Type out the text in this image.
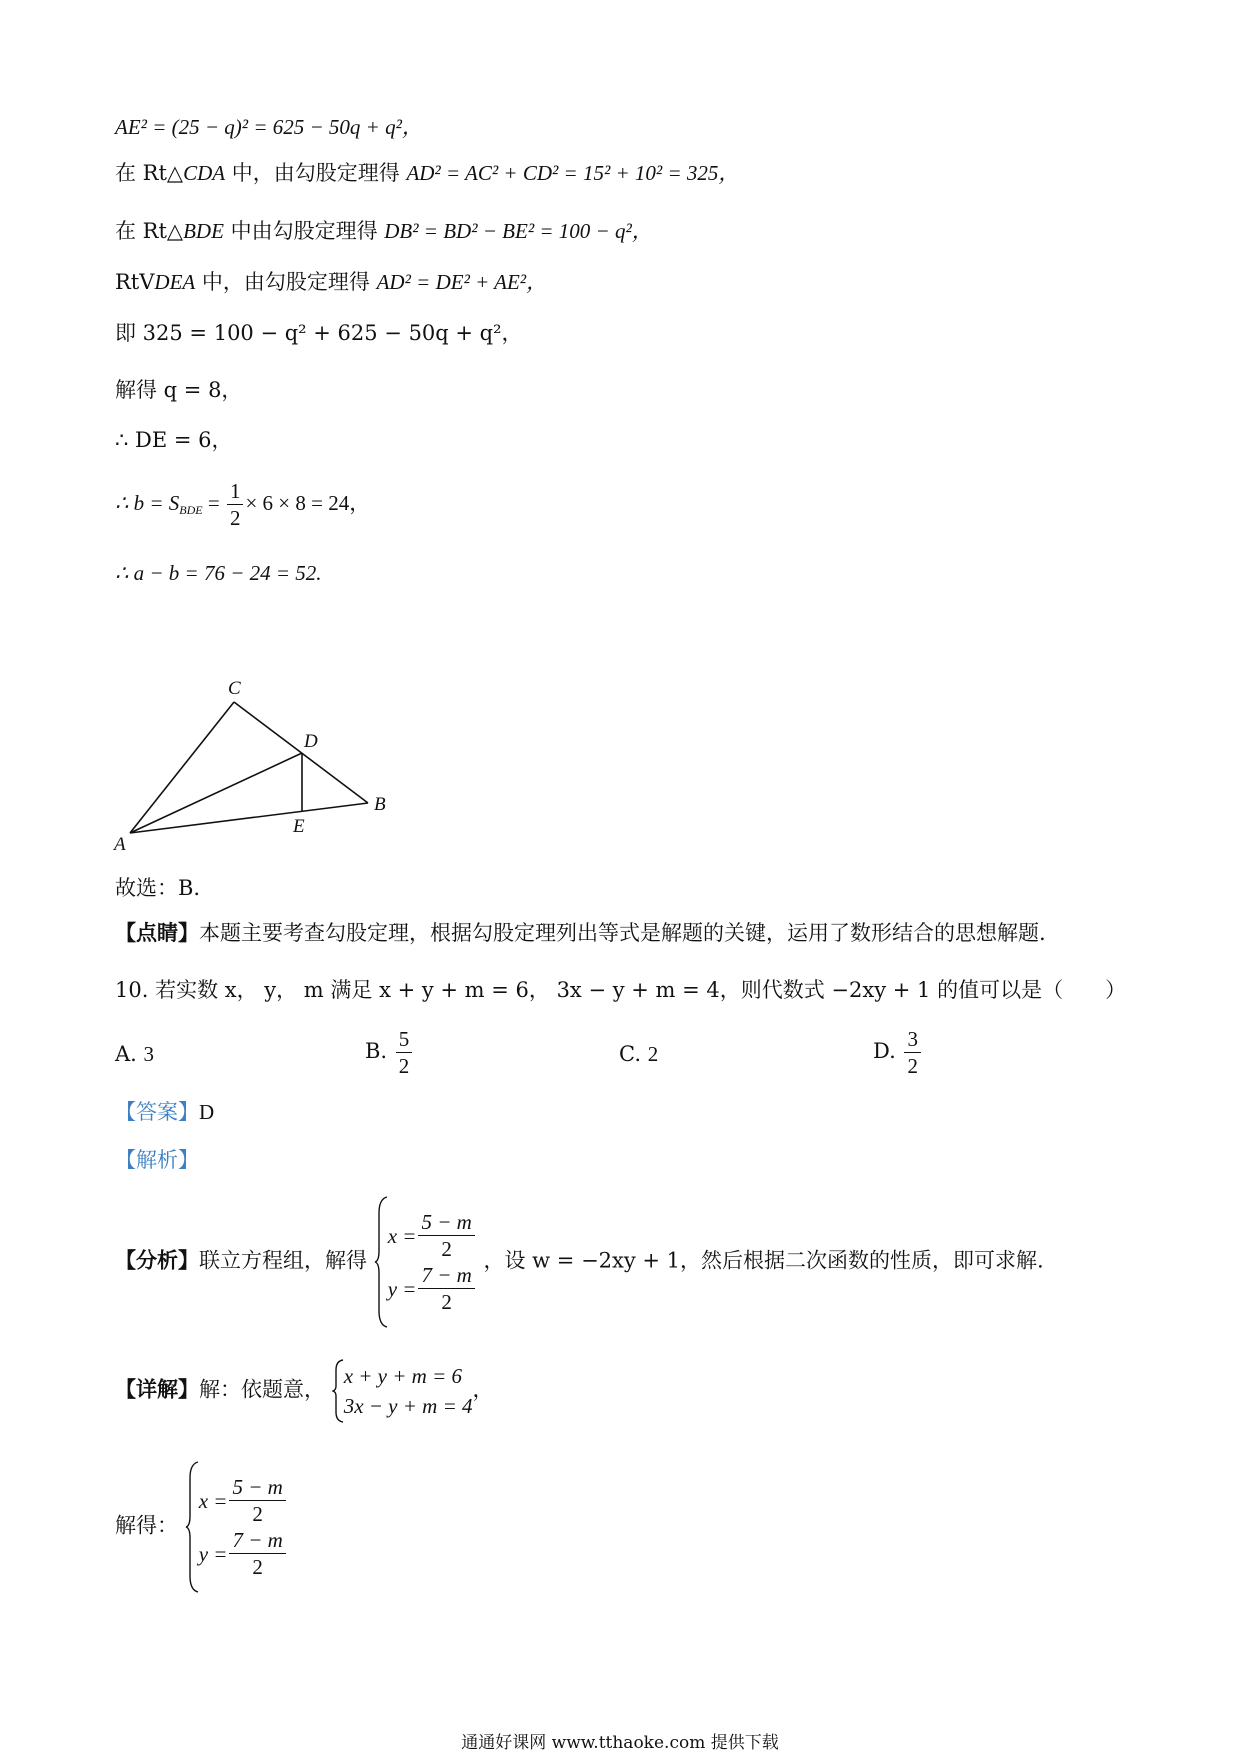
AE² = (25 − q)² = 625 − 50q + q²，
在 Rt△CDA 中，由勾股定理得 AD² = AC² + CD² = 15² + 10² = 325，
在 Rt△BDE 中由勾股定理得 DB² = BD² − BE² = 100 − q²，
RtVDEA 中，由勾股定理得 AD² = DE² + AE²，
即 325 = 100 − q² + 625 − 50q + q²，
解得 q = 8，
∴ DE = 6，
∴ $b = S_{BDE} = \frac{1}{2} \times 6 \times 8 = 24$，
∴ a − b = 76 − 24 = 52.
C
D
B
E
A
故选：B.
【点睛】本题主要考查勾股定理，根据勾股定理列出等式是解题的关键，运用了数形结合的思想解题.
10. 若实数 x， y， m 满足 x + y + m = 6， 3x − y + m = 4，则代数式 −2xy + 1 的值可以是（　　）
A. 3	B. $\frac{5}{2}$	C. 2	D. $\frac{3}{2}$
【答案】D
【解析】
【分析】联立方程组，解得
$x = \frac{5 - m}{2}$
$y = \frac{7 - m}{2}$
，设 w = −2xy + 1，然后根据二次函数的性质，即可求解.
【详解】解：依题意，
x + y + m = 6
3x − y + m = 4
，
解得：
$x = \frac{5 - m}{2}$
$y = \frac{7 - m}{2}$
通通好课网 www.tthaoke.com 提供下载
